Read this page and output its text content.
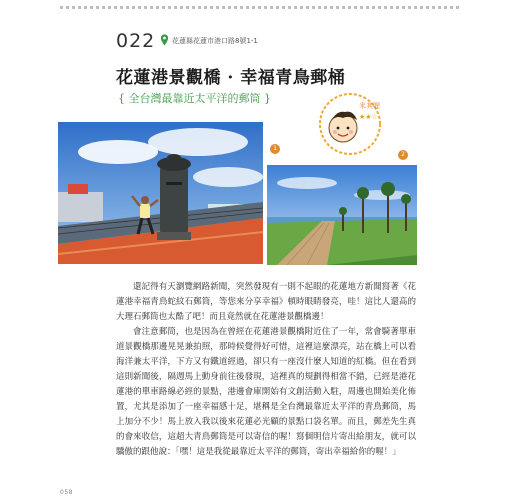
022 花蓮縣花蓮市港口路8號1-1
花蓮港景觀橋 · 幸福青鳥郵桶
{ 全台灣最靠近太平洋的郵筒 }
米其喔
★★☆
1
2

還記得有天瀏覽網路新聞，突然發現有一則不起眼的花蓮地方新聞寫著《花蓮港幸福青鳥蛇紋石郵筒，等您來分享幸福》頓時眼睛發亮，哇！這比人還高的大理石郵筒也太酷了吧！而且竟然就在花蓮港景觀橋邊！

會注意郵筒，也是因為在曾經在花蓮港景觀橋附近住了一年，常會騎著單車道景觀橋那邊晃晃兼拍照，那時候覺得好可惜，這裡這麼漂亮，站在橋上可以看海洋兼太平洋，下方又有鐵道經過，卻只有一座沒什麼人知道的紅橋。但在看到這則新聞後，隔週馬上動身前往後發現，這裡真的規劃得相當不錯，已經是港花蓮港的單車路線必經的景點，港邊會庫開始有文創活動入駐，周邊也開始美化佈置，尤其是添加了一座幸福感十足，堪稱是全台灣最靠近太平洋的青鳥郵筒，馬上加分不少！馬上放入我以後來花蓮必光顧的景點口袋名單。而且，郵差先生真的會來收信，這超大青鳥郵筒是可以寄信的喔！寫個明信片寄出給朋友，就可以驕傲的跟他說：「嘿！這是我從最靠近太平洋的郵筒，寄出幸福給你的喔！」

058
